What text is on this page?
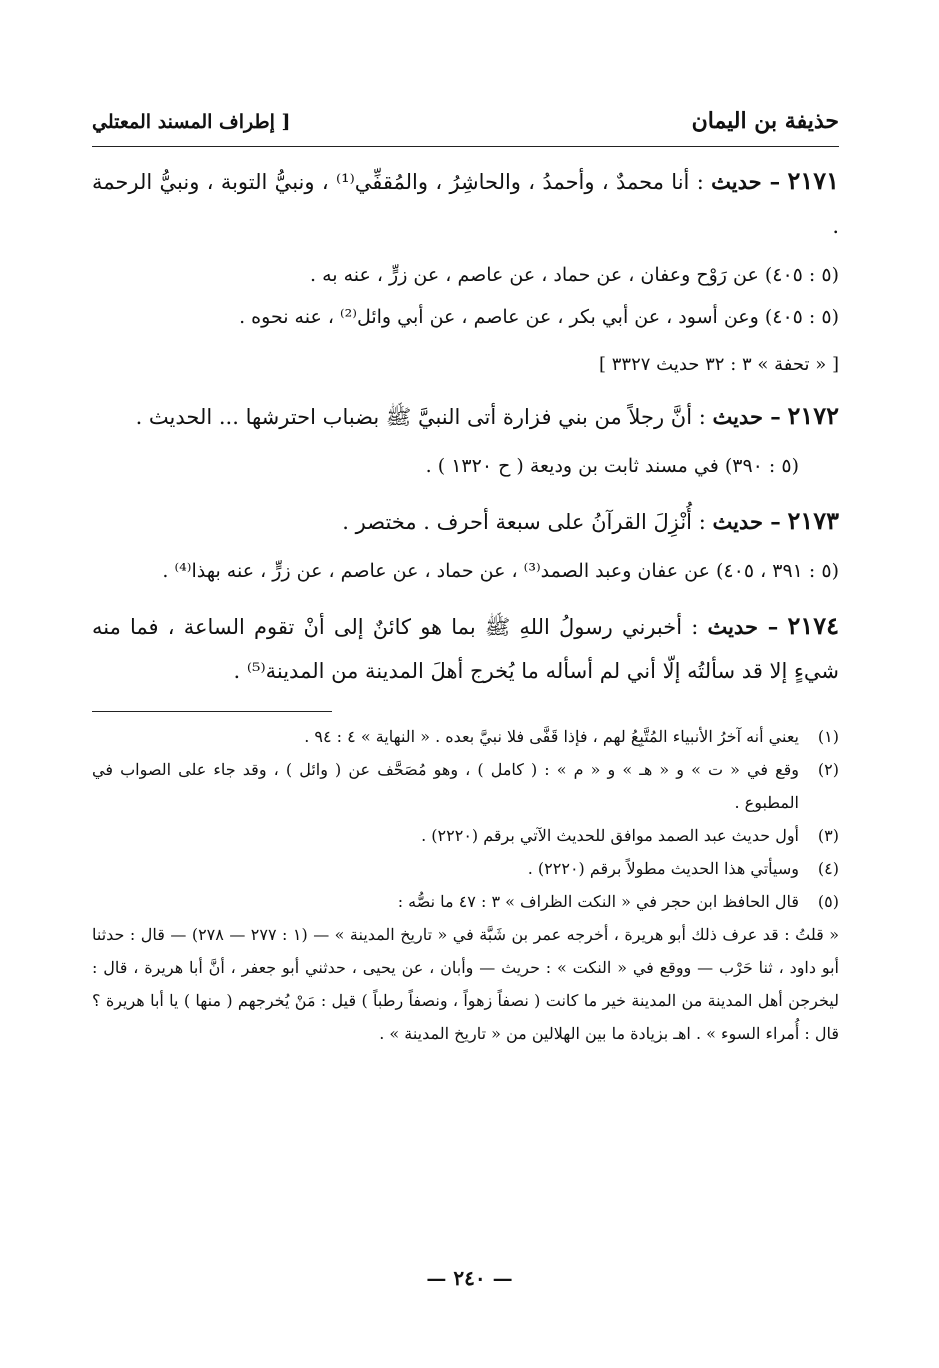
حذيفة بن اليمان
[ إطراف المسند المعتلي
٢١٧١ – حديث : أنا محمدٌ ، وأحمدُ ، والحاشِرُ ، والمُقفِّي⁽¹⁾ ، ونبيُّ التوبة ، ونبيُّ الرحمة .
(٥ : ٤٠٥) عن رَوْح وعفان ، عن حماد ، عن عاصم ، عن زرٍّ ، عنه به .
(٥ : ٤٠٥) وعن أسود ، عن أبي بكر ، عن عاصم ، عن أبي وائل⁽²⁾ ، عنه نحوه .
[ « تحفة » ٣ : ٣٢ حديث ٣٣٢٧ ]
٢١٧٢ – حديث : أنَّ رجلاً من بني فزارة أتى النبيَّ ﷺ بضباب احترشها ... الحديث .
(٥ : ٣٩٠) في مسند ثابت بن وديعة ( ح ١٣٢٠ ) .
٢١٧٣ – حديث : أُنْزِلَ القرآنُ على سبعة أحرف . مختصر .
(٥ : ٣٩١ ، ٤٠٥) عن عفان وعبد الصمد⁽³⁾ ، عن حماد ، عن عاصم ، عن زرٍّ ، عنه بهذا⁽⁴⁾ .
٢١٧٤ – حديث : أخبرني رسولُ اللهِ ﷺ بما هو كائنٌ إلى أنْ تقوم الساعة ، فما منه شيءٍ إلا قد سألتُه إلّا أني لم أسأله ما يُخرج أهلَ المدينة من المدينة⁽⁵⁾ .
(١)
يعني أنه آخرُ الأنبياء المُتَّبِعُ لهم ، فإذا قَفَّى فلا نبيَّ بعده . « النهاية » ٤ : ٩٤ .
(٢)
وقع في « ت » و « هـ » و « م » : ( كامل ) ، وهو مُصَحَّف عن ( وائل ) ، وقد جاء على الصواب في المطبوع .
(٣)
أول حديث عبد الصمد موافق للحديث الآتي برقم (٢٢٢٠) .
(٤)
وسيأتي هذا الحديث مطولاً برقم (٢٢٢٠) .
(٥)
قال الحافظ ابن حجر في « النكت الظراف » ٣ : ٤٧ ما نصُّه :
« قلتُ : قد عرف ذلك أبو هريرة ، أخرجه عمر بن شَبَّة في « تاريخ المدينة » — (١ : ٢٧٧ — ٢٧٨) — قال : حدثنا أبو داود ، ثنا حَرْب — ووقع في « النكت » : حريث — وأبان ، عن يحيى ، حدثني أبو جعفر ، أنَّ أبا هريرة ، قال : ليخرجن أهل المدينة من المدينة خير ما كانت ( نصفاً زهواً ، ونصفاً رطباً ) قيل : مَنْ يُخرجهم ( منها ) يا أبا هريرة ؟ قال : أُمراء السوء » . اهـ بزيادة ما بين الهلالين من « تاريخ المدينة » .
— ٢٤٠ —
